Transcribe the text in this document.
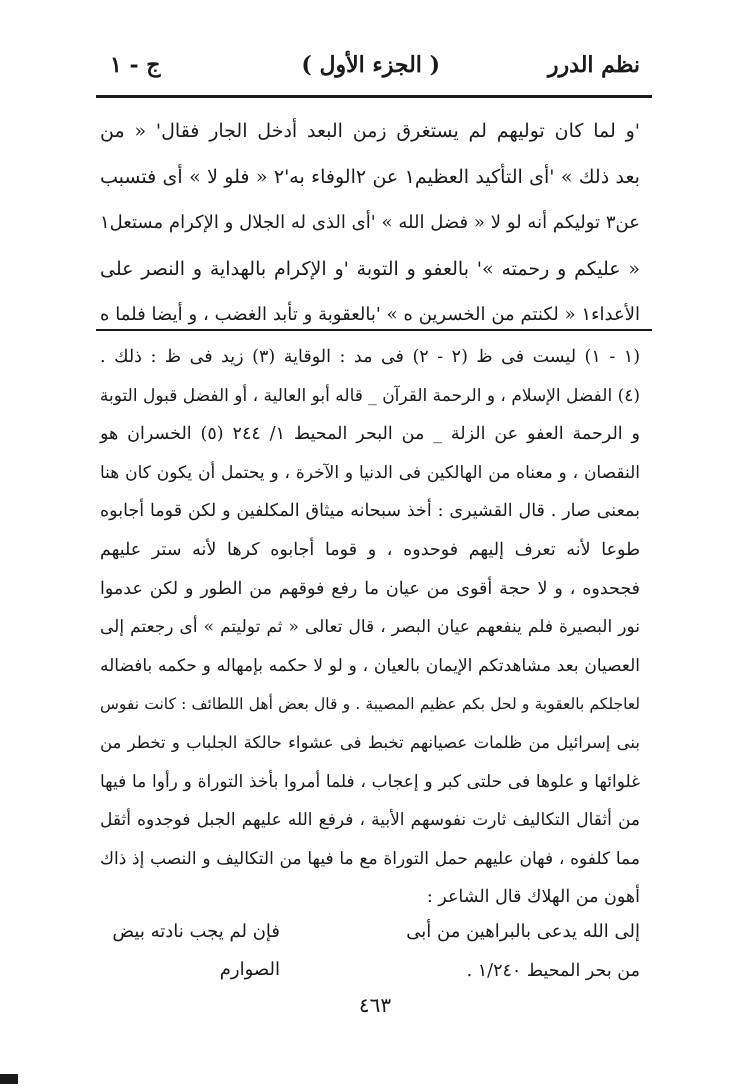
نظم الدرر
( الجزء الأول )
ج - ١
'و لما كان توليهم لم يستغرق زمن البعد أدخل الجار فقال' « من
بعد ذلك » 'أى التأكيد العظيم١ عن ٢الوفاء به'٢ « فلو لا » أى فتسبب
عن٣ توليكم أنه لو لا « فضل الله » 'أى الذى له الجلال و الإكرام مستعل١
« عليكم و رحمته »' بالعفو و التوبة 'و الإكرام بالهداية و النصر على
الأعداء١ « لكنتم من الخسرين ه » 'بالعقوبة و تأبد الغضب ، و أيضا فلما ه
(١ - ١) ليست فى ظ (٢ - ٢) فى مد : الوقاية (٣) زيد فى ظ : ذلك .
(٤) الفضل الإسلام ، و الرحمة القرآن _ قاله أبو العالية ، أو الفضل قبول التوبة
و الرحمة العفو عن الزلة _ من البحر المحيط ١/ ٢٤٤ (٥) الخسران هو
النقصان ، و معناه من الهالكين فى الدنيا و الآخرة ، و يحتمل أن يكون كان هنا
بمعنى صار . قال القشيرى : أخذ سبحانه ميثاق المكلفين و لكن قوما أجابوه
طوعا لأنه تعرف إليهم فوحدوه ، و قوما أجابوه كرها لأنه ستر عليهم
فجحدوه ، و لا حجة أقوى من عيان ما رفع فوقهم من الطور و لكن عدموا
نور البصيرة فلم ينفعهم عيان البصر ، قال تعالى « ثم توليتم » أى رجعتم إلى
العصيان بعد مشاهدتكم الإيمان بالعيان ، و لو لا حكمه بإمهاله و حكمه بافضاله
لعاجلكم بالعقوبة و لحل بكم عظيم المصيبة . و قال بعض أهل اللطائف : كانت نفوس
بنى إسرائيل من ظلمات عصيانهم تخبط فى عشواء حالكة الجلباب و تخطر من
غلوائها و علوها فى حلتى كبر و إعجاب ، فلما أمروا بأخذ التوراة و رأوا ما فيها
من أثقال التكاليف ثارت نفوسهم الأبية ، فرفع الله عليهم الجبل فوجدوه أثقل
مما كلفوه ، فهان عليهم حمل التوراة مع ما فيها من التكاليف و النصب إذ ذاك
أهون من الهلاك قال الشاعر :
إلى الله يدعى بالبراهين من أبى
فإن لم يجب نادته بيض الصوارم	من بحر المحيط ١/٢٤٠ .
٤٦٣
